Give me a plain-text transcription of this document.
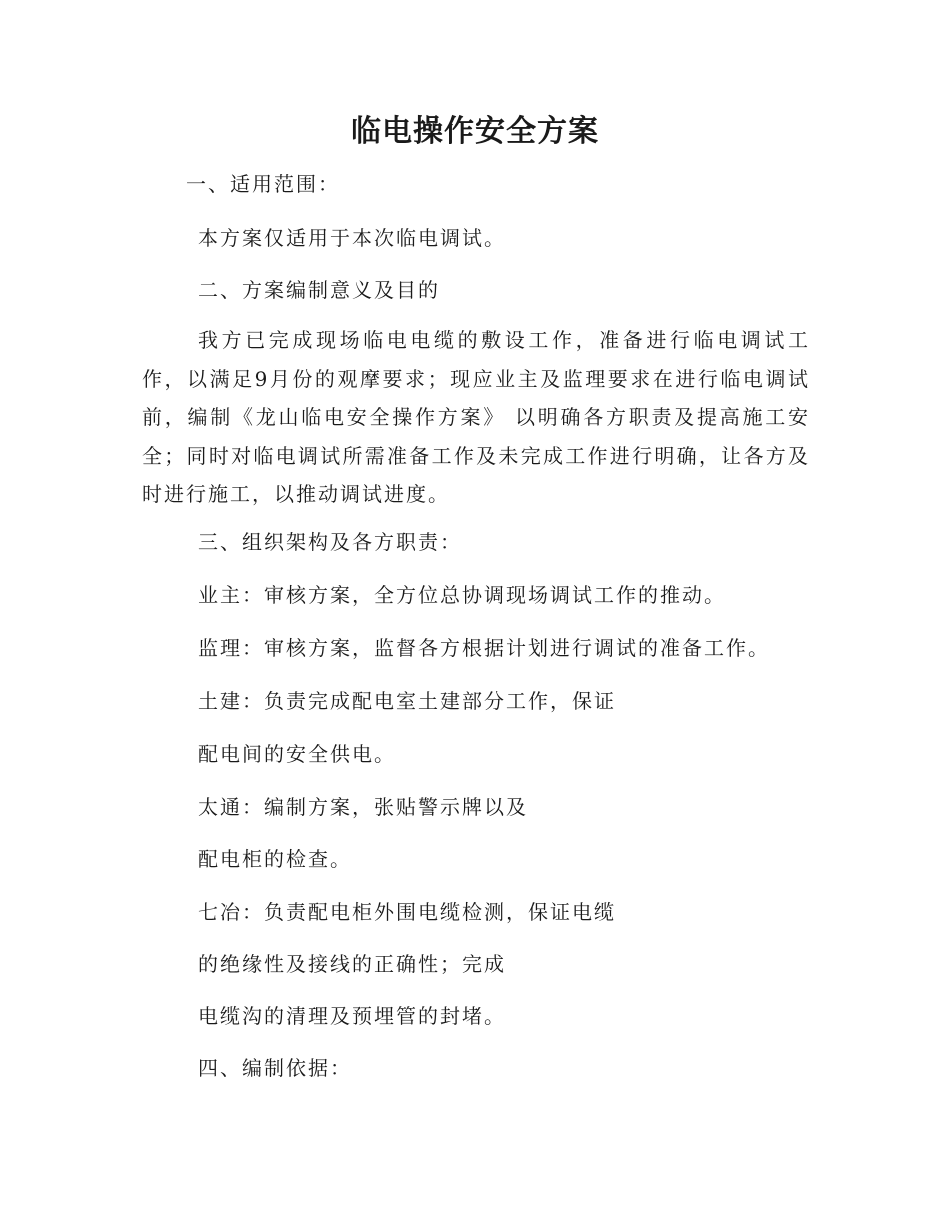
临电操作安全方案
一、适用范围：
本方案仅适用于本次临电调试。
二、方案编制意义及目的
我方已完成现场临电电缆的敷设工作，准备进行临电调试工作，以满足9月份的观摩要求；现应业主及监理要求在进行临电调试前，编制《龙山临电安全操作方案》 以明确各方职责及提高施工安全；同时对临电调试所需准备工作及未完成工作进行明确，让各方及时进行施工，以推动调试进度。
三、组织架构及各方职责：
业主：审核方案，全方位总协调现场调试工作的推动。
监理：审核方案，监督各方根据计划进行调试的准备工作。
土建：负责完成配电室土建部分工作，保证
配电间的安全供电。
太通：编制方案，张贴警示牌以及
配电柜的检查。
七冶：负责配电柜外围电缆检测，保证电缆
的绝缘性及接线的正确性；完成
电缆沟的清理及预埋管的封堵。
四、编制依据：
